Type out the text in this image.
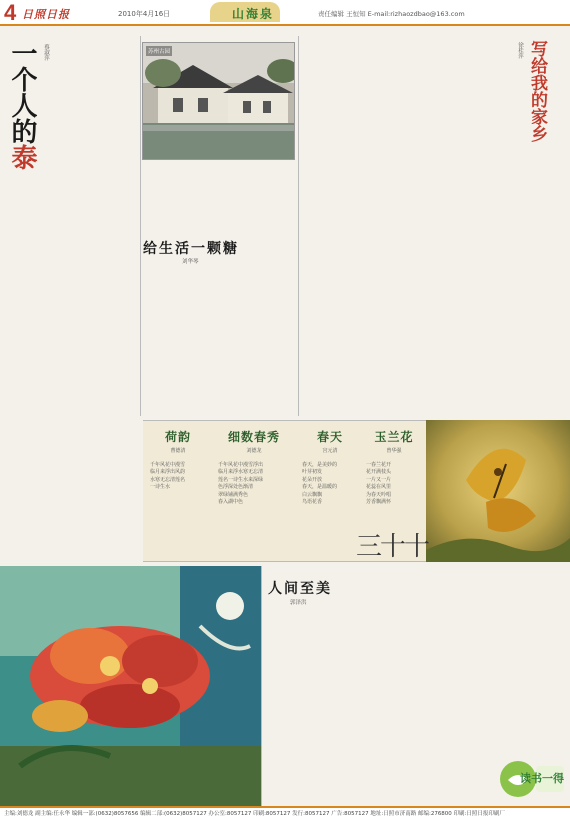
4 日照日报	2010年4月16日	山海泉	责任编辑 王恒知 E-mail:rizhaozdbao@163.com
一个人的泰
蔡淑萍	苏州古园
给生活一颗糖
刘华琴
写给我的家乡
徐桂萍
荷韵
曹德清
千年风花中漫雪
临月来浮出风韵
水寒无忘清莲名
一诗生水
细数春秀
刘德龙
千年风花中漫雪浮出
临月来浮水寒无忘清
莲名一诗生水来深绿
色浮深处色渐清
翠绿铺满秀色
春入湖中色
春天
宫元清
春天，是美妙的
叶芽初发
花朵开放
春天，是温暖的
白云飘飘
鸟语花香
玉兰花
曾华强
一春兰花开
花开满枝头
一片又一片
花蕊在风里
为春天吟唱
芳香飘满怀
三十十
人间至美
郭泽洪
读书一得
主编:刘德龙 副主编:任永华 编辑一部:(0632)8057656 编辑二部:(0632)8057127 办公室:8057127 印刷:8057127 发行:8057127 广告:8057127 地址:日照市济南路 邮编:276800 印刷:日照日报印刷厂
